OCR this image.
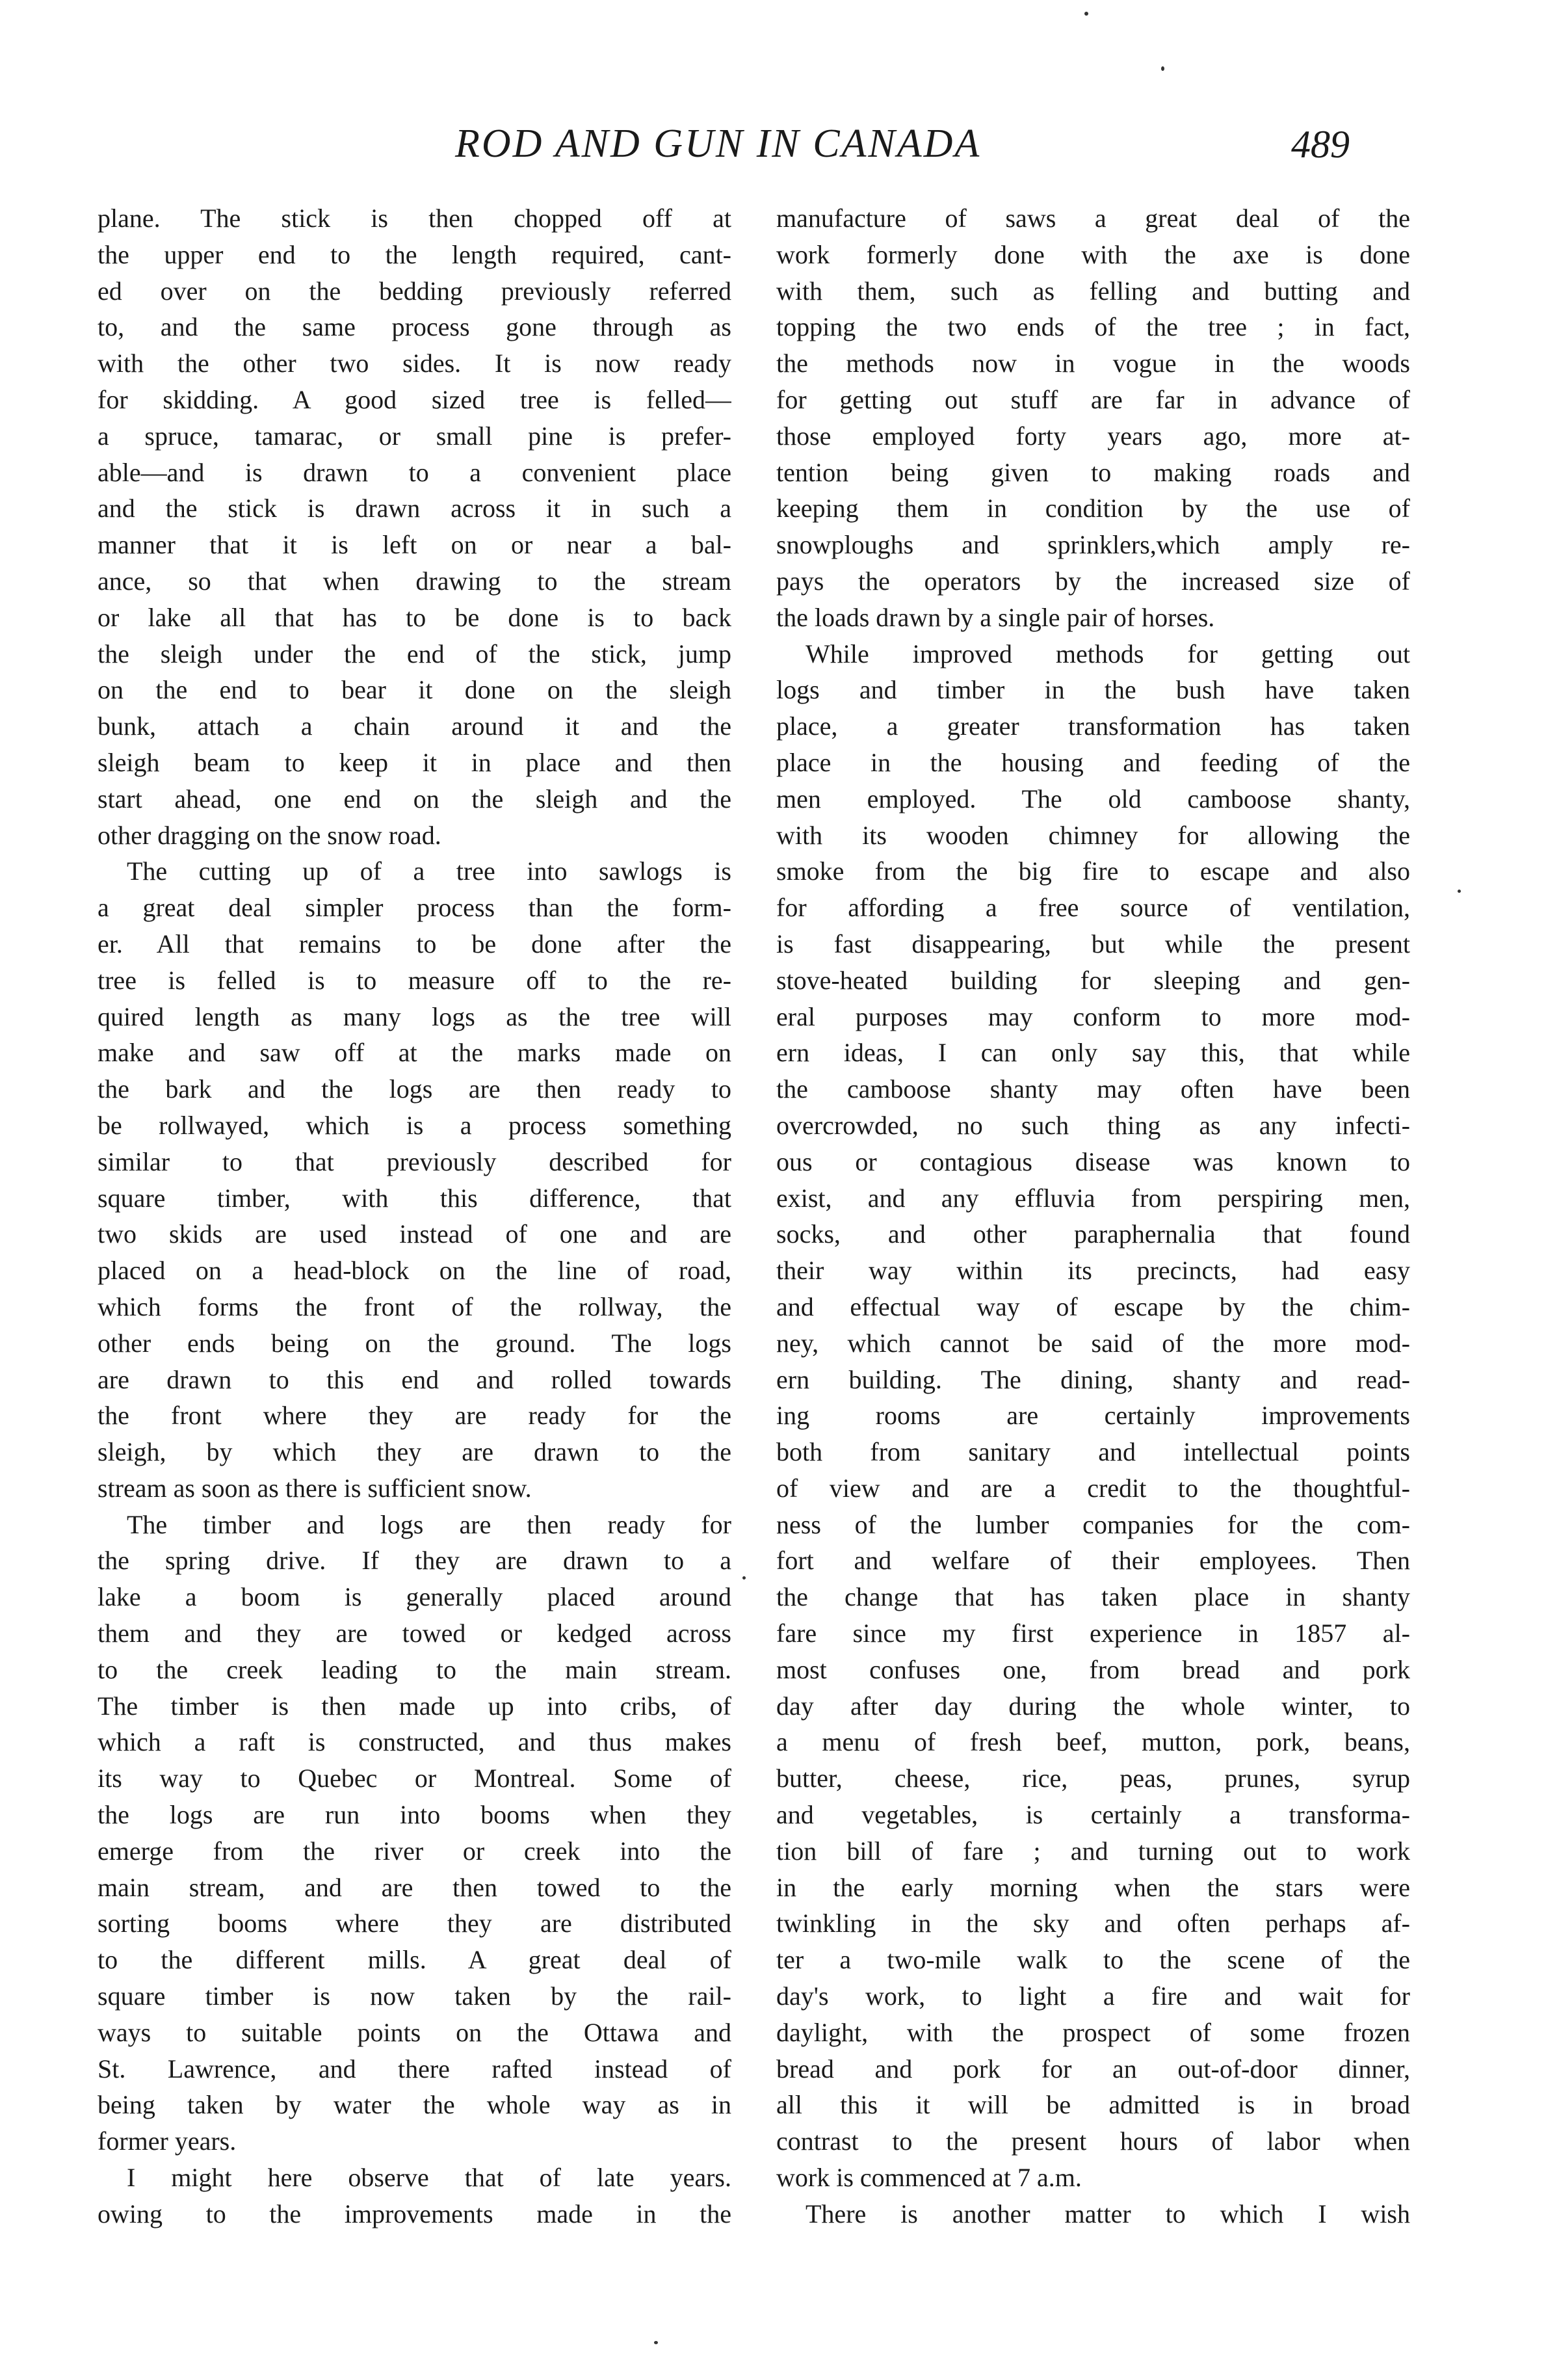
ROD AND GUN IN CANADA	489
plane. The stick is then chopped off at
the upper end to the length required, cant-
ed over on the bedding previously referred
to, and the same process gone through as
with the other two sides. It is now ready
for skidding. A good sized tree is felled—
a spruce, tamarac, or small pine is prefer-
able—and is drawn to a convenient place
and the stick is drawn across it in such a
manner that it is left on or near a bal-
ance, so that when drawing to the stream
or lake all that has to be done is to back
the sleigh under the end of the stick, jump
on the end to bear it done on the sleigh
bunk, attach a chain around it and the
sleigh beam to keep it in place and then
start ahead, one end on the sleigh and the
other dragging on the snow road.
The cutting up of a tree into sawlogs is
a great deal simpler process than the form-
er. All that remains to be done after the
tree is felled is to measure off to the re-
quired length as many logs as the tree will
make and saw off at the marks made on
the bark and the logs are then ready to
be rollwayed, which is a process something
similar to that previously described for
square timber, with this difference, that
two skids are used instead of one and are
placed on a head-block on the line of road,
which forms the front of the rollway, the
other ends being on the ground. The logs
are drawn to this end and rolled towards
the front where they are ready for the
sleigh, by which they are drawn to the
stream as soon as there is sufficient snow.
The timber and logs are then ready for
the spring drive. If they are drawn to a
lake a boom is generally placed around
them and they are towed or kedged across
to the creek leading to the main stream.
The timber is then made up into cribs, of
which a raft is constructed, and thus makes
its way to Quebec or Montreal. Some of
the logs are run into booms when they
emerge from the river or creek into the
main stream, and are then towed to the
sorting booms where they are distributed
to the different mills. A great deal of
square timber is now taken by the rail-
ways to suitable points on the Ottawa and
St. Lawrence, and there rafted instead of
being taken by water the whole way as in
former years.
I might here observe that of late years.
owing to the improvements made in the
manufacture of saws a great deal of the
work formerly done with the axe is done
with them, such as felling and butting and
topping the two ends of the tree ; in fact,
the methods now in vogue in the woods
for getting out stuff are far in advance of
those employed forty years ago, more at-
tention being given to making roads and
keeping them in condition by the use of
snowploughs and sprinklers,which amply re-
pays the operators by the increased size of
the loads drawn by a single pair of horses.
While improved methods for getting out
logs and timber in the bush have taken
place, a greater transformation has taken
place in the housing and feeding of the
men employed. The old camboose shanty,
with its wooden chimney for allowing the
smoke from the big fire to escape and also
for affording a free source of ventilation,
is fast disappearing, but while the present
stove-heated building for sleeping and gen-
eral purposes may conform to more mod-
ern ideas, I can only say this, that while
the camboose shanty may often have been
overcrowded, no such thing as any infecti-
ous or contagious disease was known to
exist, and any effluvia from perspiring men,
socks, and other paraphernalia that found
their way within its precincts, had easy
and effectual way of escape by the chim-
ney, which cannot be said of the more mod-
ern building. The dining, shanty and read-
ing rooms are certainly improvements
both from sanitary and intellectual points
of view and are a credit to the thoughtful-
ness of the lumber companies for the com-
fort and welfare of their employees. Then
the change that has taken place in shanty
fare since my first experience in 1857 al-
most confuses one, from bread and pork
day after day during the whole winter, to
a menu of fresh beef, mutton, pork, beans,
butter, cheese, rice, peas, prunes, syrup
and vegetables, is certainly a transforma-
tion bill of fare ; and turning out to work
in the early morning when the stars were
twinkling in the sky and often perhaps af-
ter a two-mile walk to the scene of the
day's work, to light a fire and wait for
daylight, with the prospect of some frozen
bread and pork for an out-of-door dinner,
all this it will be admitted is in broad
contrast to the present hours of labor when
work is commenced at 7 a.m.
There is another matter to which I wish
